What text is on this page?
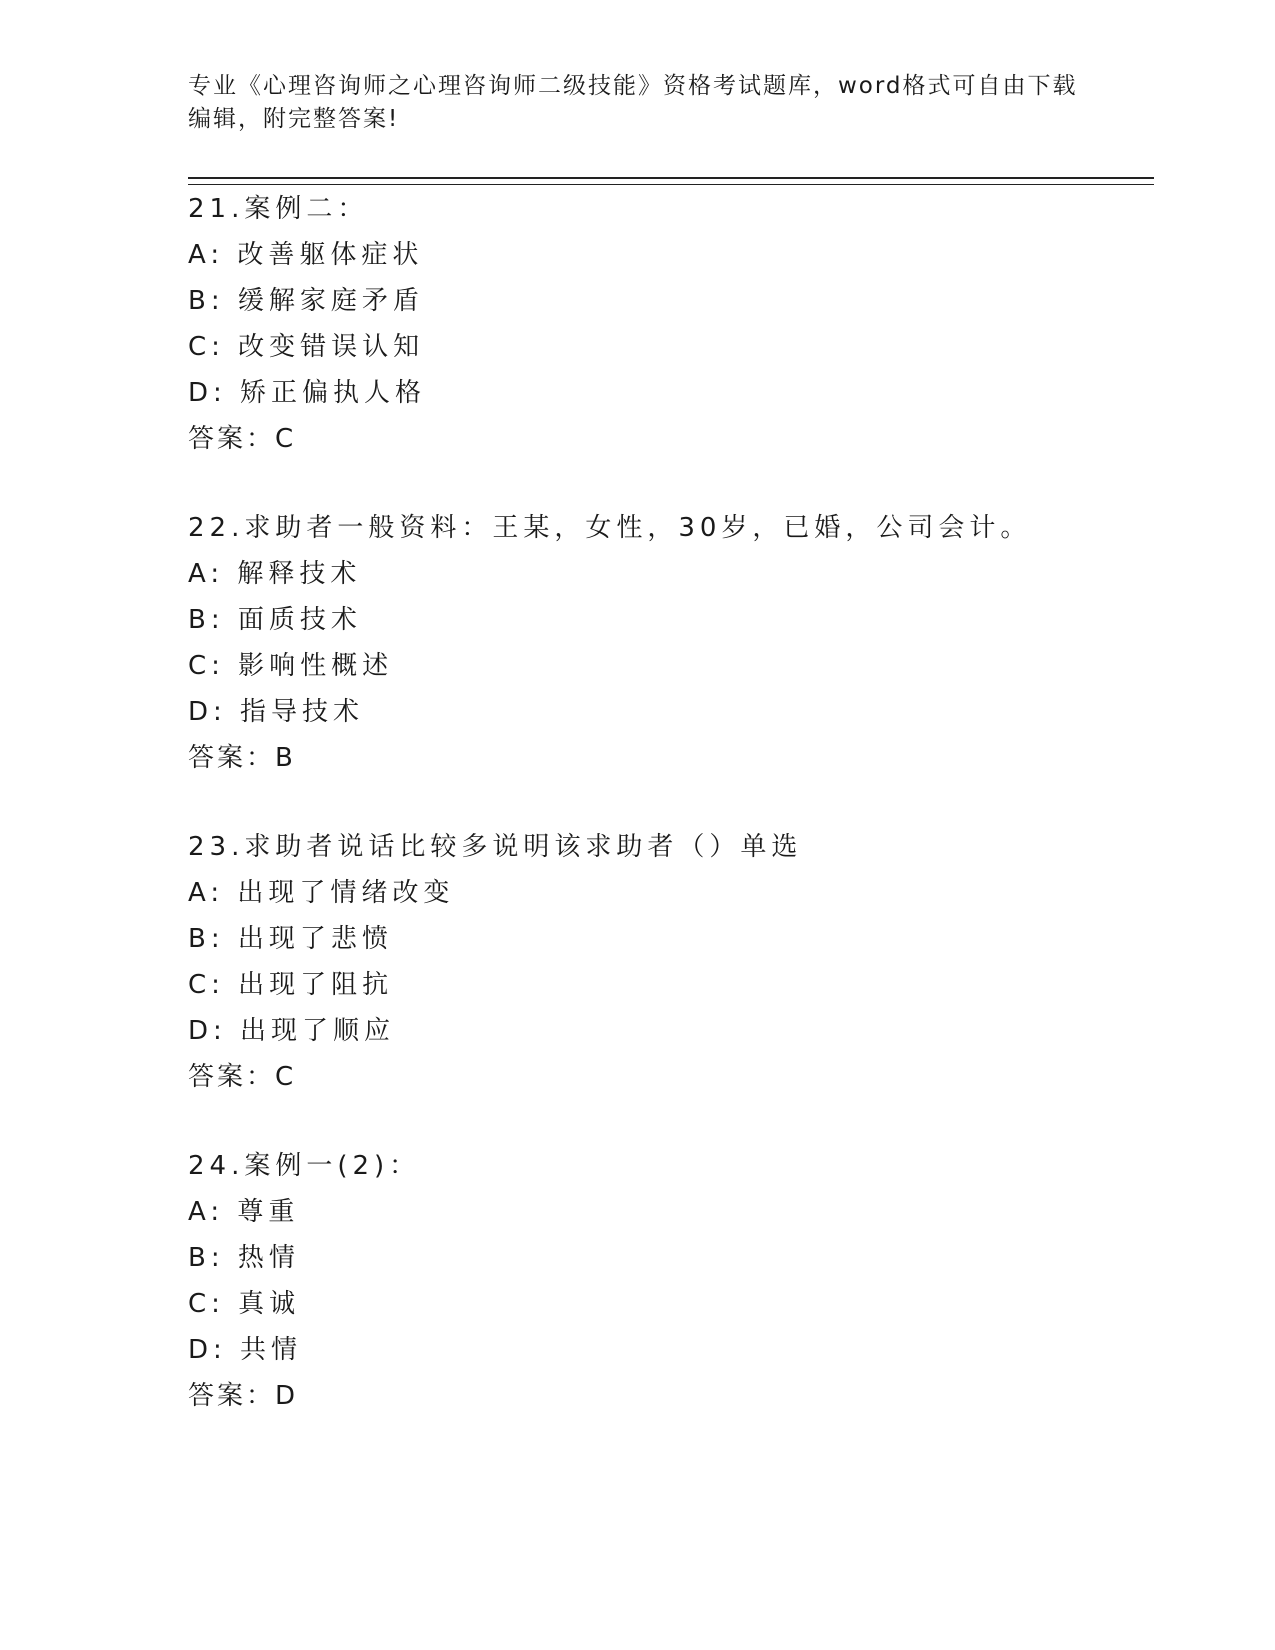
专业《心理咨询师之心理咨询师二级技能》资格考试题库，word格式可自由下载
编辑，附完整答案!
21.案例二：
A: 改善躯体症状
B: 缓解家庭矛盾
C: 改变错误认知
D: 矫正偏执人格
答案：C
22.求助者一般资料：王某，女性，30岁，已婚，公司会计。
A: 解释技术
B: 面质技术
C: 影响性概述
D: 指导技术
答案：B
23.求助者说话比较多说明该求助者（）单选
A: 出现了情绪改变
B: 出现了悲愤
C: 出现了阻抗
D: 出现了顺应
答案：C
24.案例一(2)：
A: 尊重
B: 热情
C: 真诚
D: 共情
答案：D
